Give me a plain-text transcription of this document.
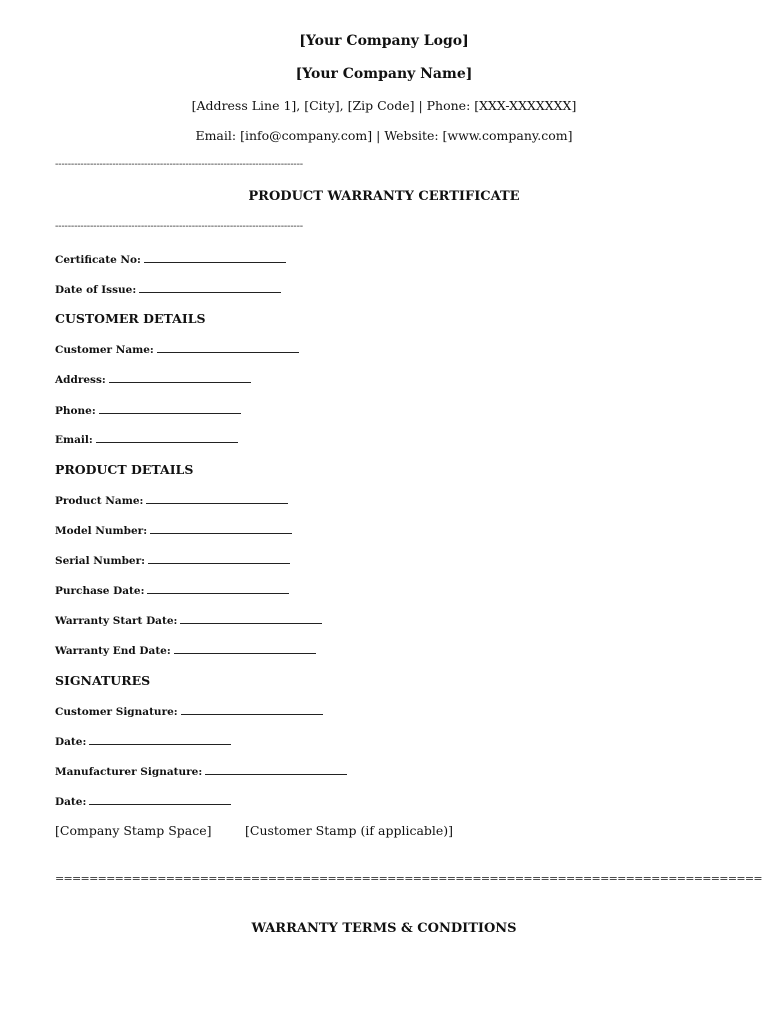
[Your Company Logo]
[Your Company Name]
[Address Line 1], [City], [Zip Code] | Phone: [XXX-XXXXXXX]
Email: [info@company.com] | Website: [www.company.com]
------------------------------------------------------------------------------
PRODUCT WARRANTY CERTIFICATE
------------------------------------------------------------------------------
Certificate No:
Date of Issue:
CUSTOMER DETAILS
Customer Name:
Address:
Phone:
Email:
PRODUCT DETAILS
Product Name:
Model Number:
Serial Number:
Purchase Date:
Warranty Start Date:
Warranty End Date:
SIGNATURES
Customer Signature:
Date:
Manufacturer Signature:
Date:
[Company Stamp Space]	[Customer Stamp (if applicable)]
===================================================================================
WARRANTY TERMS & CONDITIONS
